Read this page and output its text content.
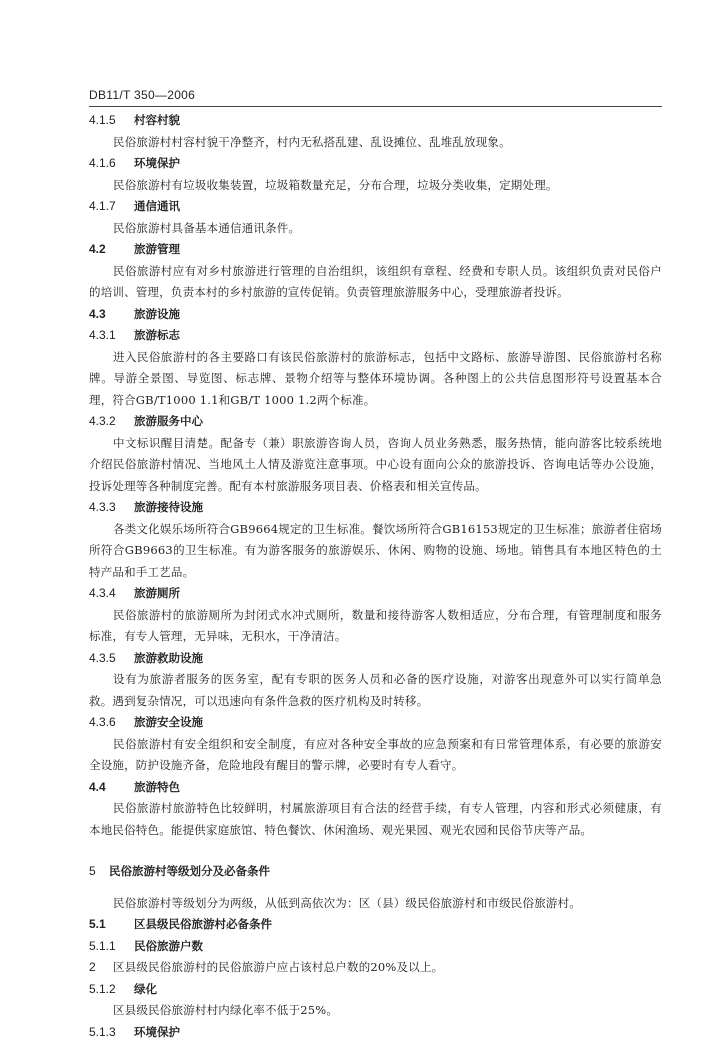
DB11/T 350—2006
4.1.5 村容村貌

民俗旅游村村容村貌干净整齐，村内无私搭乱建、乱设摊位、乱堆乱放现象。

4.1.6 环境保护

民俗旅游村有垃圾收集装置，垃圾箱数量充足，分布合理，垃圾分类收集，定期处理。

4.1.7 通信通讯

民俗旅游村具备基本通信通讯条件。

4.2 旅游管理

民俗旅游村应有对乡村旅游进行管理的自治组织，该组织有章程、经费和专职人员。该组织负责对民俗户的培训、管理，负责本村的乡村旅游的宣传促销。负责管理旅游服务中心，受理旅游者投诉。

4.3 旅游设施
4.3.1 旅游标志

进入民俗旅游村的各主要路口有该民俗旅游村的旅游标志，包括中文路标、旅游导游图、民俗旅游村名称牌。导游全景图、导览图、标志牌、景物介绍等与整体环境协调。各种图上的公共信息图形符号设置基本合理，符合GB/T1000 1.1和GB/T 1000 1.2两个标准。

4.3.2 旅游服务中心

中文标识醒目清楚。配备专（兼）职旅游咨询人员，咨询人员业务熟悉，服务热情，能向游客比较系统地介绍民俗旅游村情况、当地风土人情及游览注意事项。中心设有面向公众的旅游投诉、咨询电话等办公设施，投诉处理等各种制度完善。配有本村旅游服务项目表、价格表和相关宣传品。

4.3.3 旅游接待设施

各类文化娱乐场所符合GB9664规定的卫生标准。餐饮场所符合GB16153规定的卫生标准；旅游者住宿场所符合GB9663的卫生标准。有为游客服务的旅游娱乐、休闲、购物的设施、场地。销售具有本地区特色的土特产品和手工艺品。

4.3.4 旅游厕所

民俗旅游村的旅游厕所为封闭式水冲式厕所，数量和接待游客人数相适应，分布合理，有管理制度和服务标准，有专人管理，无异味，无积水，干净清洁。

4.3.5 旅游救助设施

设有为旅游者服务的医务室，配有专职的医务人员和必备的医疗设施，对游客出现意外可以实行简单急救。遇到复杂情况，可以迅速向有条件急救的医疗机构及时转移。

4.3.6 旅游安全设施

民俗旅游村有安全组织和安全制度，有应对各种安全事故的应急预案和有日常管理体系，有必要的旅游安全设施，防护设施齐备，危险地段有醒目的警示牌，必要时有专人看守。

4.4 旅游特色

民俗旅游村旅游特色比较鲜明，村属旅游项目有合法的经营手续，有专人管理，内容和形式必须健康，有本地民俗特色。能提供家庭旅馆、特色餐饮、休闲渔场、观光果园、观光农园和民俗节庆等产品。

5 民俗旅游村等级划分及必备条件

民俗旅游村等级划分为两级，从低到高依次为：区（县）级民俗旅游村和市级民俗旅游村。

5.1 区县级民俗旅游村必备条件
5.1.1 民俗旅游户数

区县级民俗旅游村的民俗旅游户应占该村总户数的20%及以上。

5.1.2 绿化

区县级民俗旅游村村内绿化率不低于25%。

5.1.3 环境保护
2
